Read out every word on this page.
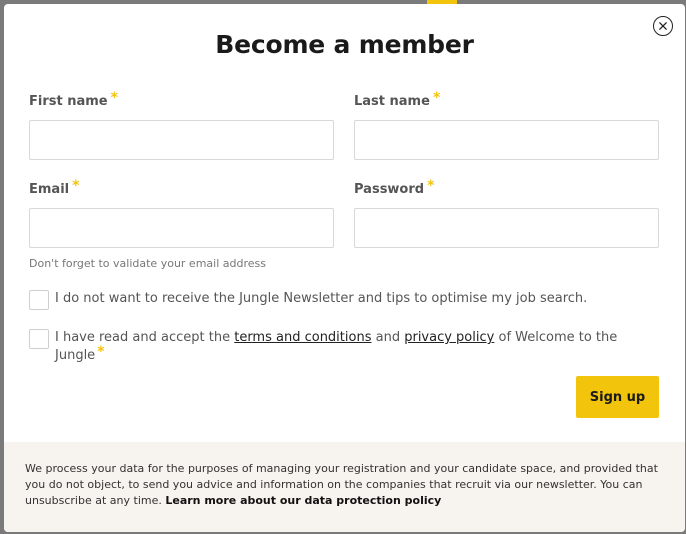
Become a member
First name *	Last name *
Email *	Password *
Don't forget to validate your email address
I do not want to receive the Jungle Newsletter and tips to optimise my job search.
I have read and accept the terms and conditions and privacy policy of Welcome to the Jungle *
Sign up

We process your data for the purposes of managing your registration and your candidate space, and provided that you do not object, to send you advice and information on the companies that recruit via our newsletter. You can unsubscribe at any time. Learn more about our data protection policy
